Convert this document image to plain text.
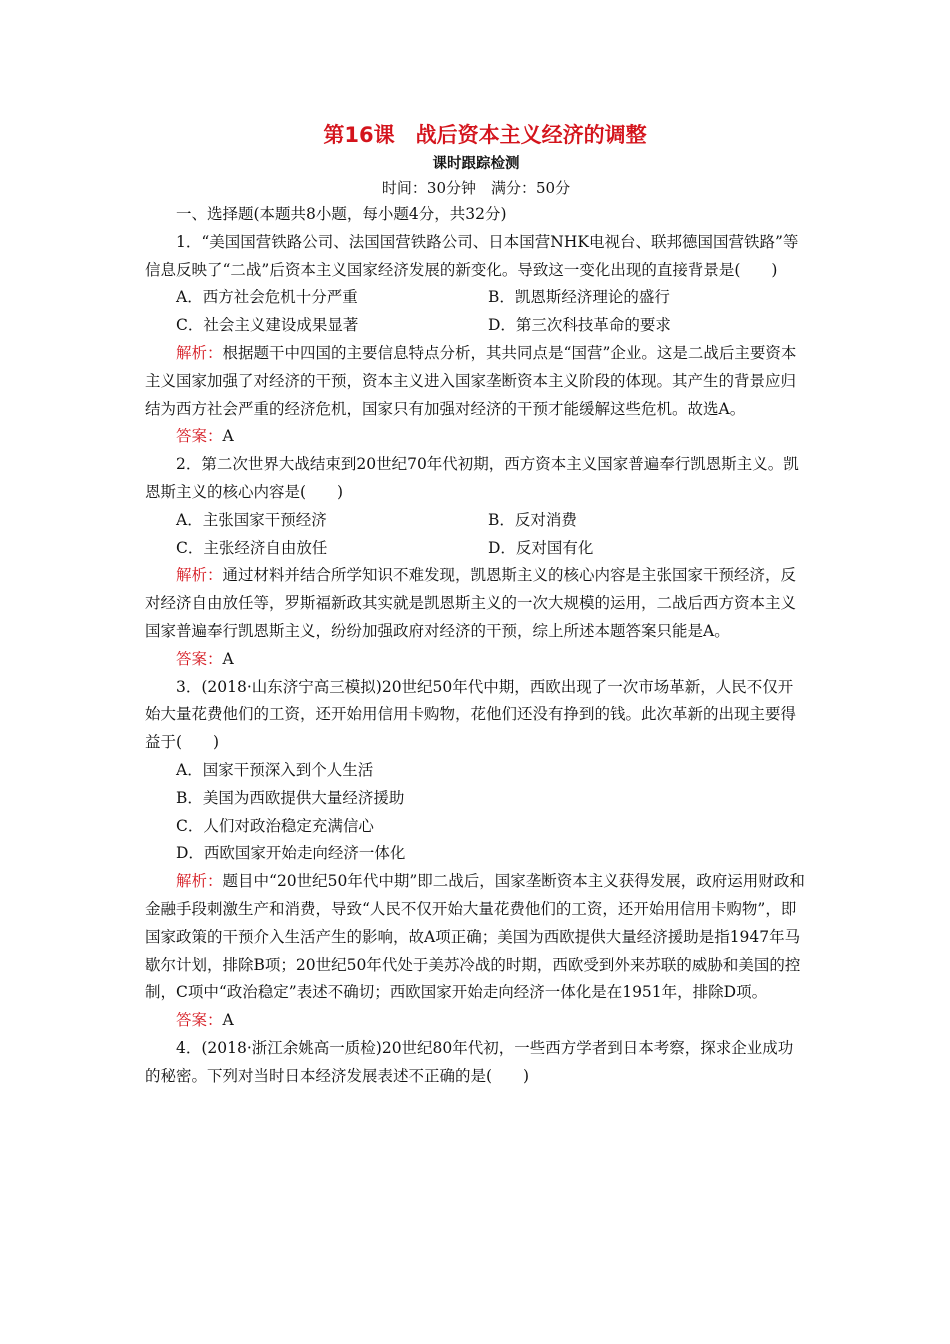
第16课　战后资本主义经济的调整
课时跟踪检测
时间：30分钟　满分：50分

一、选择题(本题共8小题，每小题4分，共32分)

1．“美国国营铁路公司、法国国营铁路公司、日本国营NHK电视台、联邦德国国营铁路”等信息反映了“二战”后资本主义国家经济发展的新变化。导致这一变化出现的直接背景是(　　)

A．西方社会危机十分严重	B．凯恩斯经济理论的盛行
C．社会主义建设成果显著	D．第三次科技革命的要求

解析：根据题干中四国的主要信息特点分析，其共同点是“国营”企业。这是二战后主要资本主义国家加强了对经济的干预，资本主义进入国家垄断资本主义阶段的体现。其产生的背景应归结为西方社会严重的经济危机，国家只有加强对经济的干预才能缓解这些危机。故选A。

答案：A

2．第二次世界大战结束到20世纪70年代初期，西方资本主义国家普遍奉行凯恩斯主义。凯恩斯主义的核心内容是(　　)

A．主张国家干预经济	B．反对消费
C．主张经济自由放任	D．反对国有化

解析：通过材料并结合所学知识不难发现，凯恩斯主义的核心内容是主张国家干预经济，反对经济自由放任等，罗斯福新政其实就是凯恩斯主义的一次大规模的运用，二战后西方资本主义国家普遍奉行凯恩斯主义，纷纷加强政府对经济的干预，综上所述本题答案只能是A。

答案：A

3．(2018·山东济宁高三模拟)20世纪50年代中期，西欧出现了一次市场革新，人民不仅开始大量花费他们的工资，还开始用信用卡购物，花他们还没有挣到的钱。此次革新的出现主要得益于(　　)

A．国家干预深入到个人生活

B．美国为西欧提供大量经济援助

C．人们对政治稳定充满信心

D．西欧国家开始走向经济一体化

解析：题目中“20世纪50年代中期”即二战后，国家垄断资本主义获得发展，政府运用财政和金融手段刺激生产和消费，导致“人民不仅开始大量花费他们的工资，还开始用信用卡购物”，即国家政策的干预介入生活产生的影响，故A项正确；美国为西欧提供大量经济援助是指1947年马歇尔计划，排除B项；20世纪50年代处于美苏冷战的时期，西欧受到外来苏联的威胁和美国的控制，C项中“政治稳定”表述不确切；西欧国家开始走向经济一体化是在1951年，排除D项。

答案：A

4．(2018·浙江余姚高一质检)20世纪80年代初，一些西方学者到日本考察，探求企业成功的秘密。下列对当时日本经济发展表述不正确的是(　　)
